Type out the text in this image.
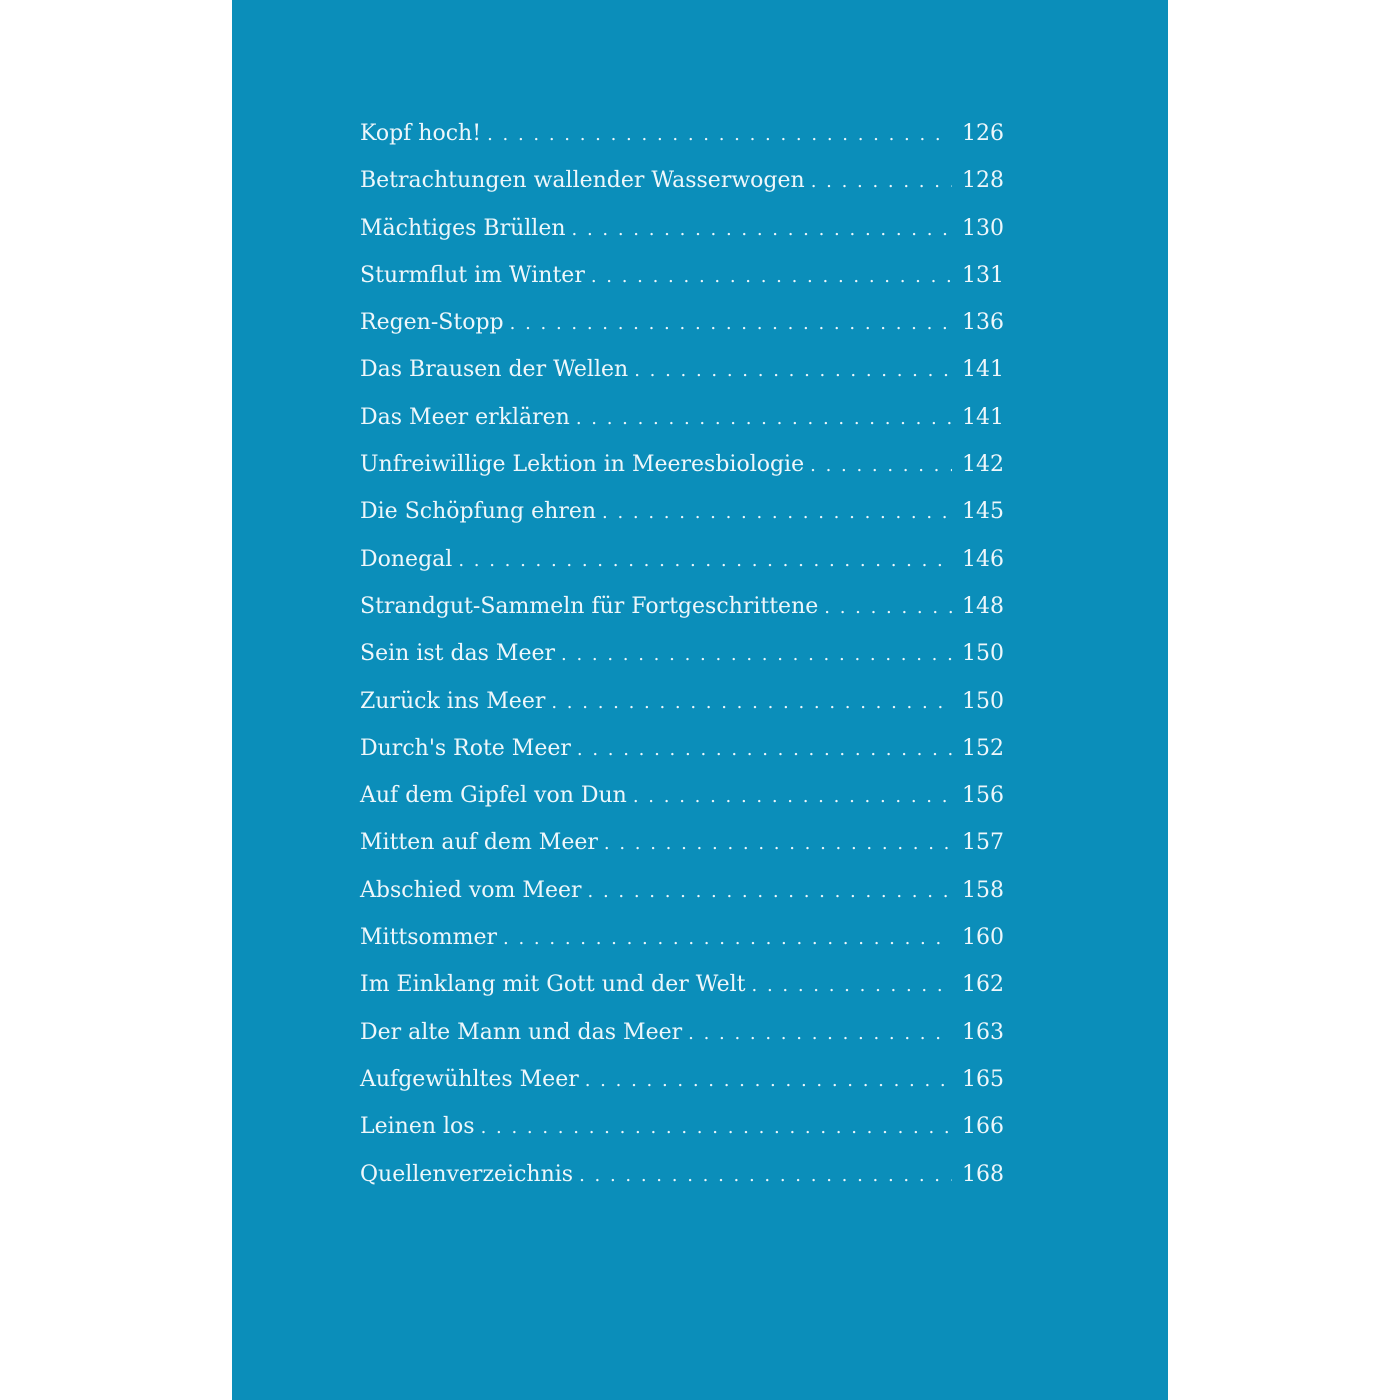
Kopf hoch! . . .	126
Betrachtungen wallender Wasserwogen . . .	128
Mächtiges Brüllen . . .	130
Sturmflut im Winter . . .	131
Regen-Stopp . . .	136
Das Brausen der Wellen . . .	141
Das Meer erklären . . .	141
Unfreiwillige Lektion in Meeresbiologie . . .	142
Die Schöpfung ehren . . .	145
Donegal . . .	146
Strandgut-Sammeln für Fortgeschrittene . . .	148
Sein ist das Meer . . .	150
Zurück ins Meer . . .	150
Durch's Rote Meer . . .	152
Auf dem Gipfel von Dun . . .	156
Mitten auf dem Meer . . .	157
Abschied vom Meer . . .	158
Mittsommer . . .	160
Im Einklang mit Gott und der Welt . . .	162
Der alte Mann und das Meer . . .	163
Aufgewühltes Meer . . .	165
Leinen los . . .	166
Quellenverzeichnis . . .	168
